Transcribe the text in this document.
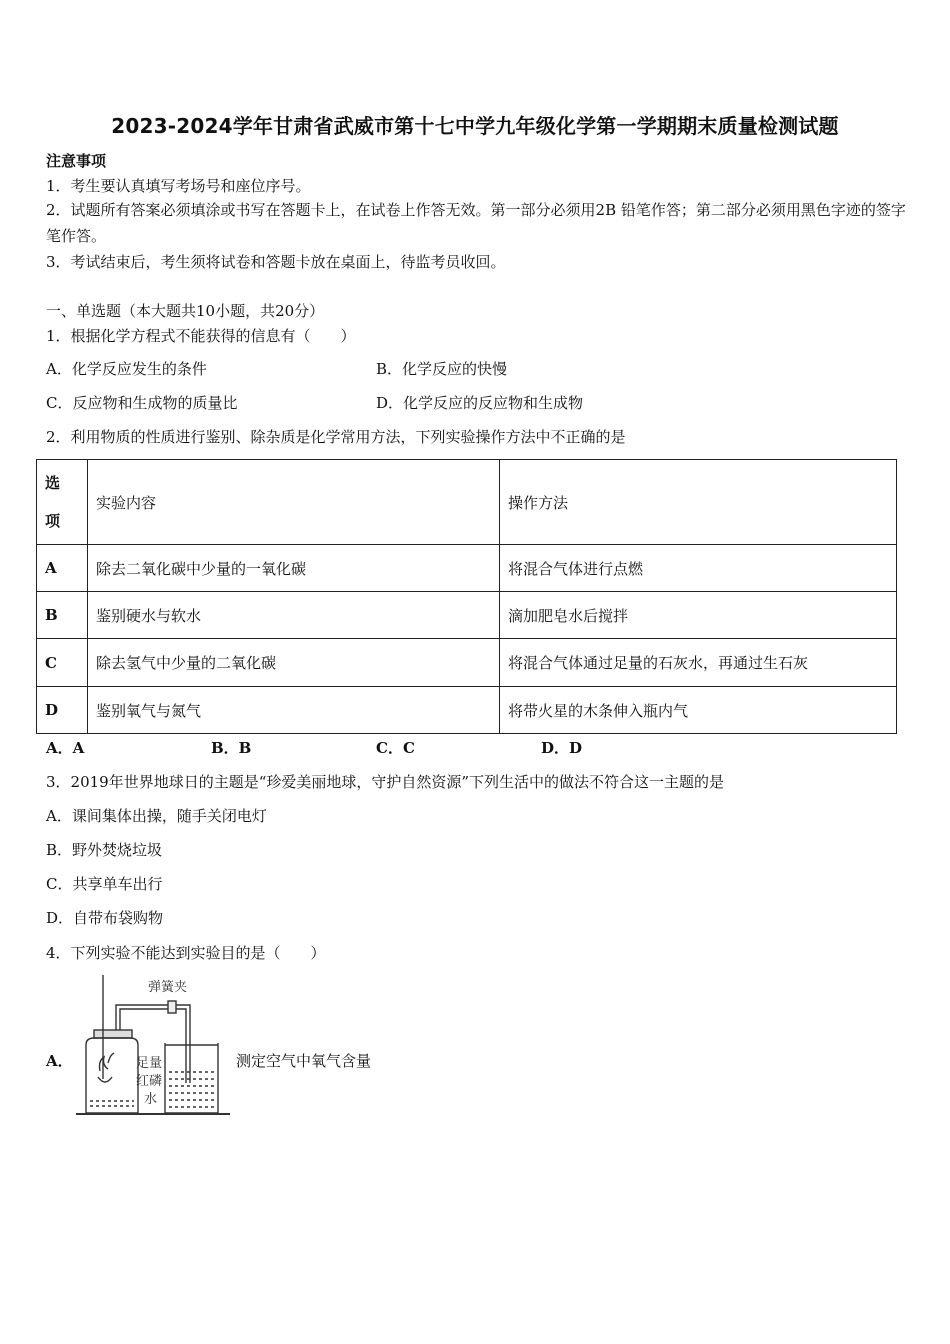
2023-2024学年甘肃省武威市第十七中学九年级化学第一学期期末质量检测试题
注意事项
1．考生要认真填写考场号和座位序号。
2．试题所有答案必须填涂或书写在答题卡上，在试卷上作答无效。第一部分必须用2B 铅笔作答；第二部分必须用黑色字迹的签字笔作答。
3．考试结束后，考生须将试卷和答题卡放在桌面上，待监考员收回。
一、单选题（本大题共10小题，共20分）
1．根据化学方程式不能获得的信息有（　　）
A．化学反应发生的条件	B．化学反应的快慢
C．反应物和生成物的质量比	D．化学反应的反应物和生成物
2．利用物质的性质进行鉴别、除杂质是化学常用方法，下列实验操作方法中不正确的是
选
项	实验内容	操作方法
A	除去二氧化碳中少量的一氧化碳	将混合气体进行点燃
B	鉴别硬水与软水	滴加肥皂水后搅拌
C	除去氢气中少量的二氧化碳	将混合气体通过足量的石灰水，再通过生石灰
D	鉴别氧气与氮气	将带火星的木条伸入瓶内气
A．A	B．B	C．C	D．D
3．2019年世界地球日的主题是“珍爱美丽地球，守护自然资源”下列生活中的做法不符合这一主题的是
A．课间集体出操，随手关闭电灯
B．野外焚烧垃圾
C．共享单车出行
D．自带布袋购物
4．下列实验不能达到实验目的是（　　）
A．
弹簧夹
足量
红磷
水
测定空气中氧气含量
